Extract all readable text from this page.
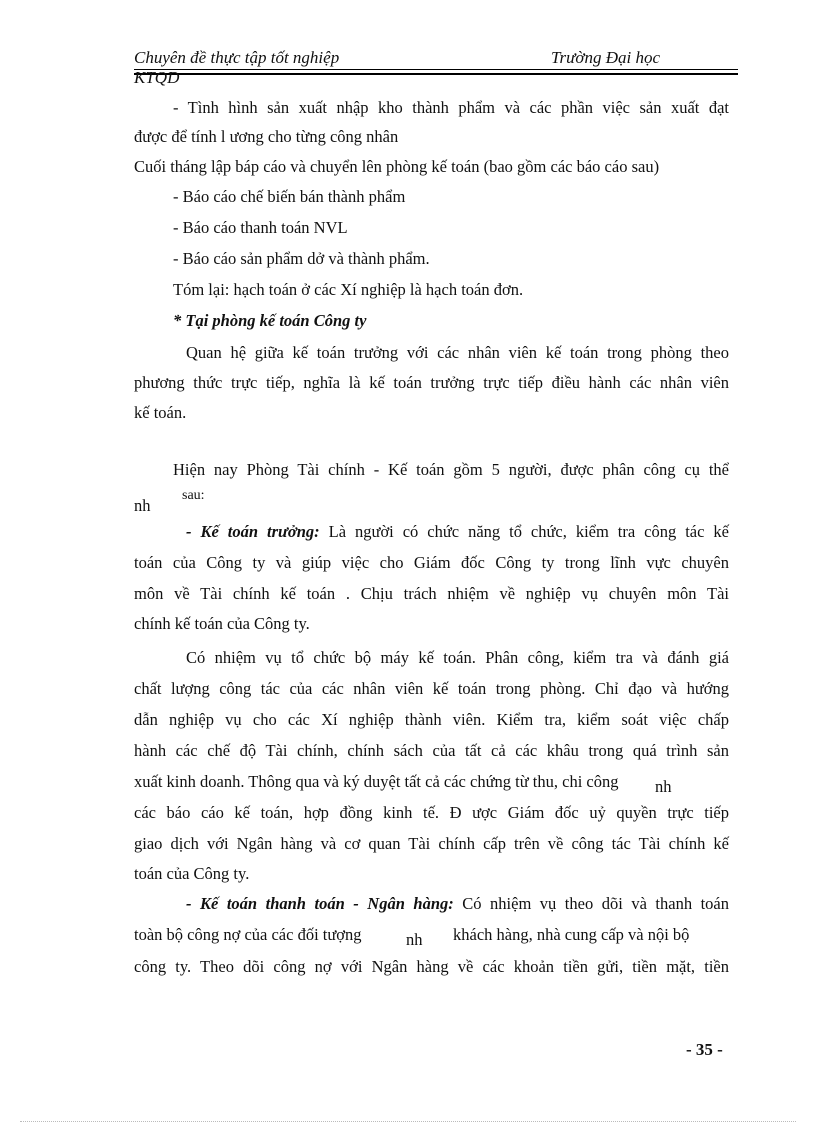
Chuyên đề thực tập tốt nghiệp	Trường Đại học
KTQD
- Tình hình sản xuất nhập kho thành phẩm và các phần việc sản xuất đạt
được để tính l ương cho từng công nhân
Cuối tháng lập báp cáo và chuyển lên phòng kế toán (bao gồm các báo cáo sau)
- Báo cáo chế biến bán thành phẩm
- Báo cáo thanh toán NVL
- Báo cáo sản phẩm dở và thành phẩm.
Tóm lại: hạch toán ở các Xí nghiệp là hạch toán đơn.
* Tại phòng kế toán Công ty
Quan hệ giữa kế toán trưởng với các nhân viên kế toán trong phòng theo
phương thức trực tiếp, nghĩa là kế toán trưởng trực tiếp điều hành các nhân viên
kế toán.
Hiện nay Phòng Tài chính - Kế toán gồm 5 người, được phân công cụ thể
nh
sau:
- Kế toán trưởng: Là người có chức năng tổ chức, kiểm tra công tác kế
toán của Công ty và giúp việc cho Giám đốc Công ty trong lĩnh vực chuyên
môn về Tài chính kế toán . Chịu trách nhiệm về nghiệp vụ chuyên môn Tài
chính kế toán của Công ty.
Có nhiệm vụ tổ chức bộ máy kế toán. Phân công, kiểm tra và đánh giá
chất lượng công tác của các nhân viên kế toán trong phòng. Chỉ đạo và hướng
dẫn nghiệp vụ cho các Xí nghiệp thành viên. Kiểm tra, kiểm soát việc chấp
hành các chế độ Tài chính, chính sách của tất cả các khâu trong quá trình sản
xuất kinh doanh. Thông qua và ký duyệt tất cả các chứng từ thu, chi công nh
các báo cáo kế toán, hợp đồng kinh tế. Đ ược Giám đốc uỷ quyền trực tiếp
giao dịch với Ngân hàng và cơ quan Tài chính cấp trên về công tác Tài chính kế
toán của Công ty.
- Kế toán thanh toán - Ngân hàng: Có nhiệm vụ theo dõi và thanh toán
toàn bộ công nợ của các đối tượng	nh khách hàng, nhà cung cấp và nội bộ
công ty. Theo dõi công nợ với Ngân hàng về các khoản tiền gửi, tiền mặt, tiền
- 35 -
